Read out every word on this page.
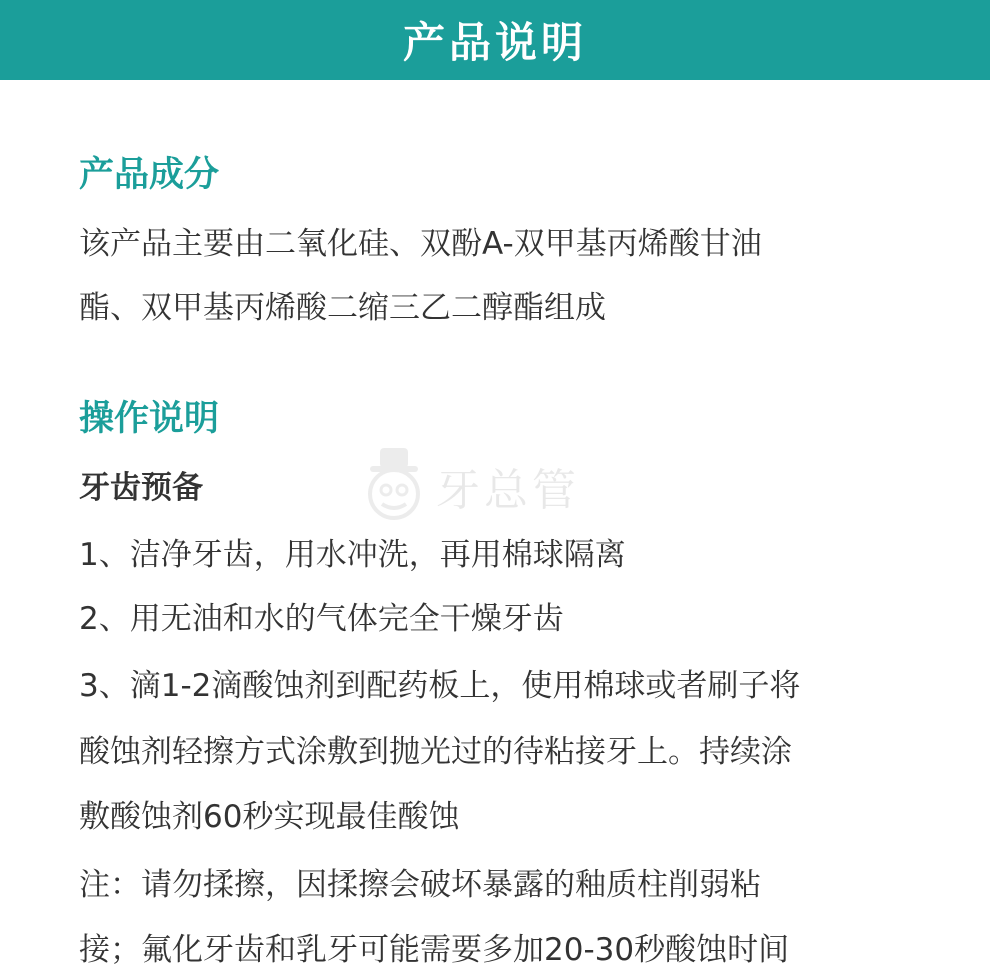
产品说明
牙总管
产品成分
该产品主要由二氧化硅、双酚A-双甲基丙烯酸甘油
酯、双甲基丙烯酸二缩三乙二醇酯组成
操作说明
牙齿预备
1、洁净牙齿，用水冲洗，再用棉球隔离
2、用无油和水的气体完全干燥牙齿
3、滴1-2滴酸蚀剂到配药板上，使用棉球或者刷子将
酸蚀剂轻擦方式涂敷到抛光过的待粘接牙上。持续涂
敷酸蚀剂60秒实现最佳酸蚀
注：请勿揉擦，因揉擦会破坏暴露的釉质柱削弱粘
接；氟化牙齿和乳牙可能需要多加20-30秒酸蚀时间
